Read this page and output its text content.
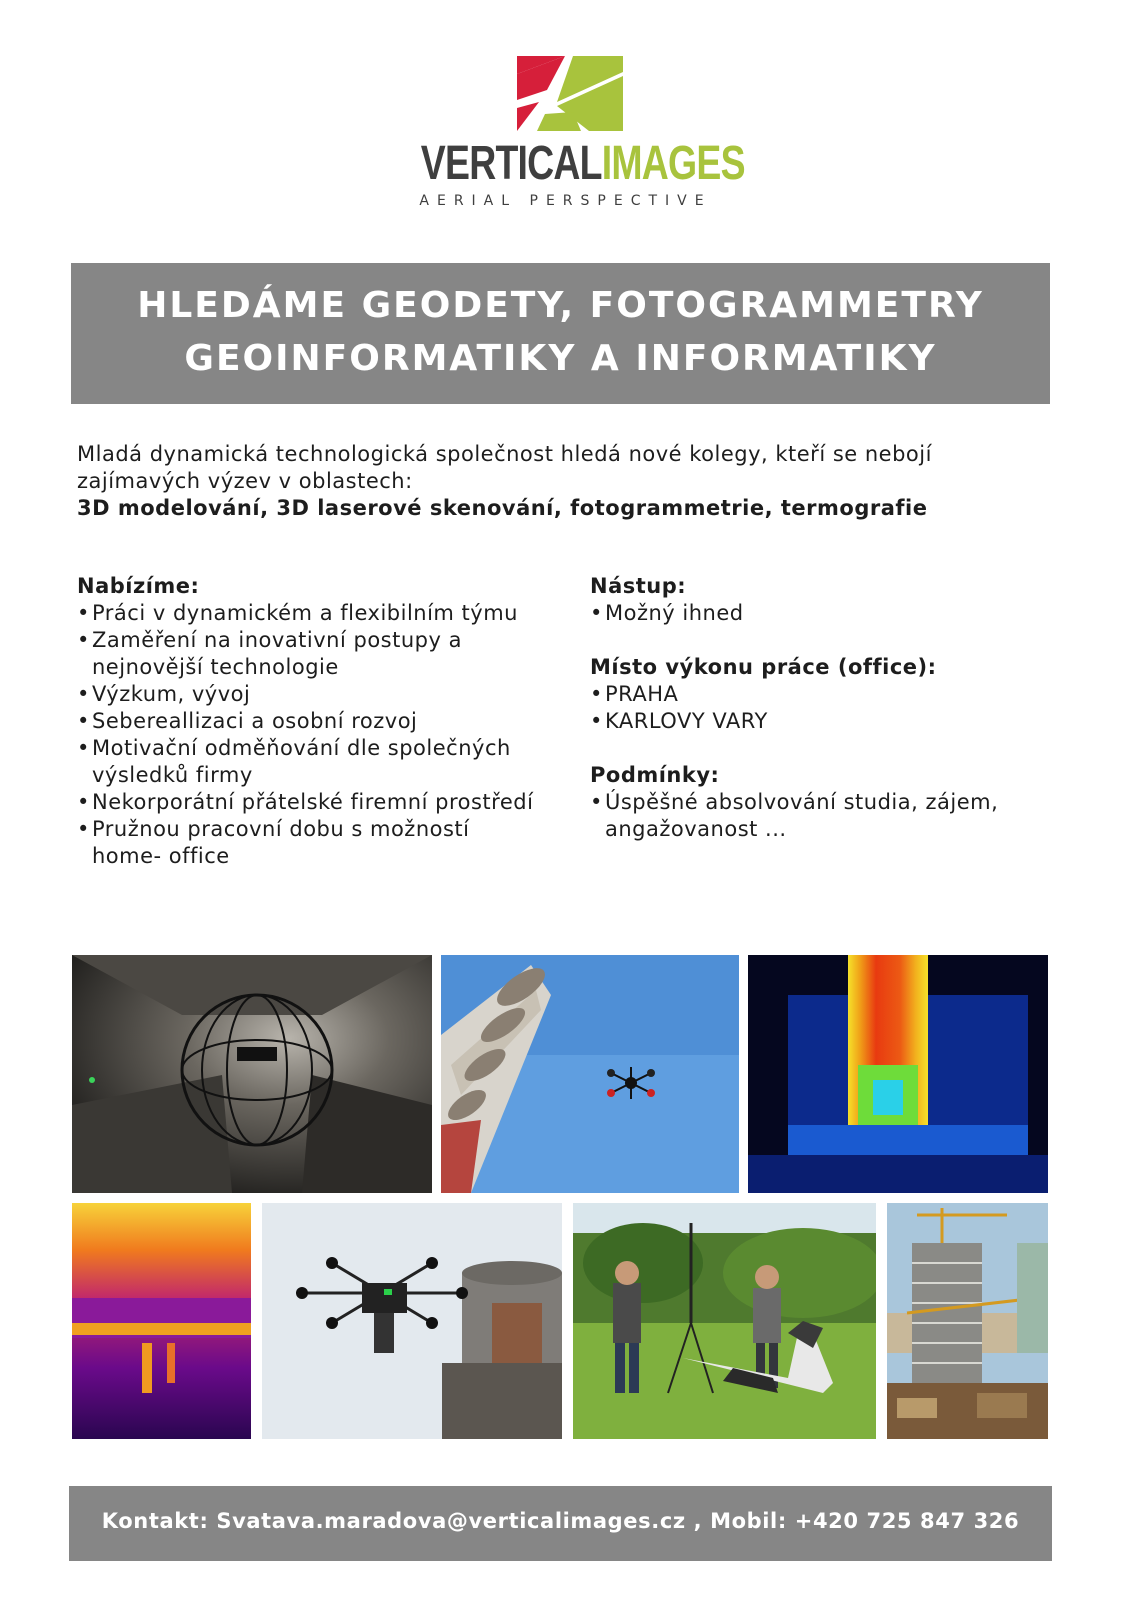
VERTICALIMAGES
AERIAL PERSPECTIVE
HLEDÁME GEODETY, FOTOGRAMMETRY
GEOINFORMATIKY A INFORMATIKY
Mladá dynamická technologická společnost hledá nové kolegy, kteří se nebojí
zajímavých výzev v oblastech:
3D modelování, 3D laserové skenování, fotogrammetrie, termografie
Nabízíme:
• Práci v dynamickém a flexibilním týmu
• Zaměření na inovativní postupy a nejnovější technologie
• Výzkum, vývoj
• Sebereallizaci a osobní rozvoj
• Motivační odměňování dle společných výsledků firmy
• Nekorporátní přátelské firemní prostředí
• Pružnou pracovní dobu s možností home- office
Nástup:
• Možný ihned
Místo výkonu práce (office):
• PRAHA
• KARLOVY VARY
Podmínky:
• Úspěšné absolvování studia, zájem, angažovanost ...
Kontakt: Svatava.maradova@verticalimages.cz , Mobil: +420 725 847 326
